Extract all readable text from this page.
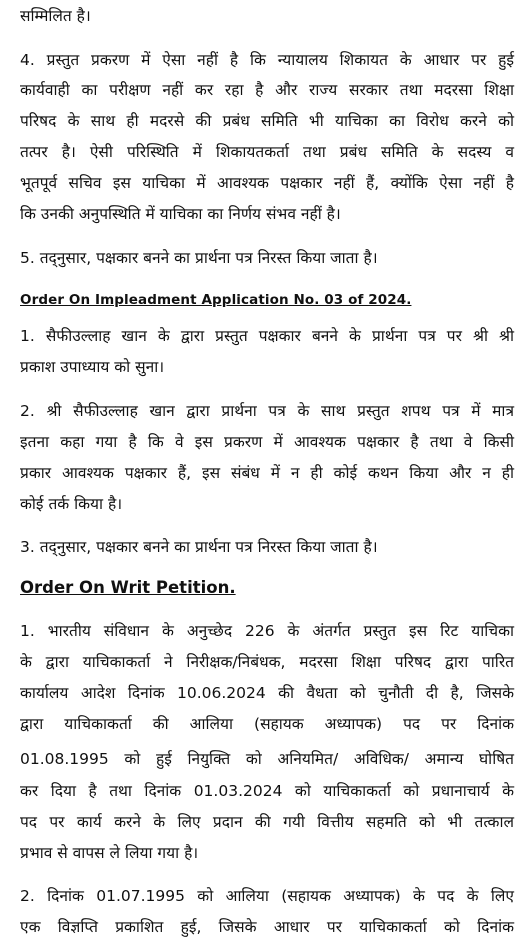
सम्मिलित है।
4. प्रस्तुत प्रकरण में ऐसा नहीं है कि न्यायालय शिकायत के आधार पर हुई
कार्यवाही का परीक्षण नहीं कर रहा है और राज्य सरकार तथा मदरसा शिक्षा
परिषद के साथ ही मदरसे की प्रबंध समिति भी याचिका का विरोध करने को
तत्पर है। ऐसी परिस्थिति में शिकायतकर्ता तथा प्रबंध समिति के सदस्य व
भूतपूर्व सचिव इस याचिका में आवश्यक पक्षकार नहीं हैं, क्योंकि ऐसा नहीं है
कि उनकी अनुपस्थिति में याचिका का निर्णय संभव नहीं है।
5. तद्नुसार, पक्षकार बनने का प्रार्थना पत्र निरस्त किया जाता है।
Order On Impleadment Application No. 03 of 2024.
1. सैफीउल्लाह खान के द्वारा प्रस्तुत पक्षकार बनने के प्रार्थना पत्र पर श्री श्री
प्रकाश उपाध्याय को सुना।
2. श्री सैफीउल्लाह खान द्वारा प्रार्थना पत्र के साथ प्रस्तुत शपथ पत्र में मात्र
इतना कहा गया है कि वे इस प्रकरण में आवश्यक पक्षकार है तथा वे किसी
प्रकार आवश्यक पक्षकार हैं, इस संबंध में न ही कोई कथन किया और न ही
कोई तर्क किया है।
3. तद्नुसार, पक्षकार बनने का प्रार्थना पत्र निरस्त किया जाता है।
Order On Writ Petition.
1. भारतीय संविधान के अनुच्छेद 226 के अंतर्गत प्रस्तुत इस रिट याचिका
के द्वारा याचिकाकर्ता ने निरीक्षक/निबंधक, मदरसा शिक्षा परिषद द्वारा पारित
कार्यालय आदेश दिनांक 10.06.2024 की वैधता को चुनौती दी है, जिसके
द्वारा याचिकाकर्ता की आलिया (सहायक अध्यापक) पद पर दिनांक
01.08.1995 को हुई नियुक्ति को अनियमित/ अविधिक/ अमान्य घोषित
कर दिया है तथा दिनांक 01.03.2024 को याचिकाकर्ता को प्रधानाचार्य के
पद पर कार्य करने के लिए प्रदान की गयी वित्तीय सहमति को भी तत्काल
प्रभाव से वापस ले लिया गया है।
2. दिनांक 01.07.1995 को आलिया (सहायक अध्यापक) के पद के लिए
एक विज्ञप्ति प्रकाशित हुई, जिसके आधार पर याचिकाकर्ता को दिनांक
